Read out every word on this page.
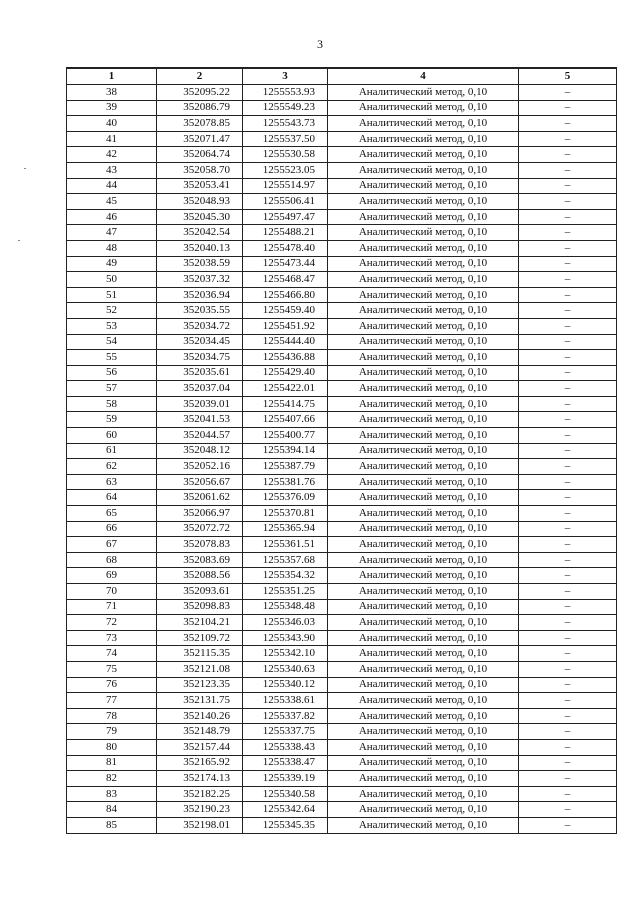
3
1	2	3	4	5
38	352095.22	1255553.93	Аналитический метод, 0,10	–
39	352086.79	1255549.23	Аналитический метод, 0,10	–
40	352078.85	1255543.73	Аналитический метод, 0,10	–
41	352071.47	1255537.50	Аналитический метод, 0,10	–
42	352064.74	1255530.58	Аналитический метод, 0,10	–
43	352058.70	1255523.05	Аналитический метод, 0,10	–
44	352053.41	1255514.97	Аналитический метод, 0,10	–
45	352048.93	1255506.41	Аналитический метод, 0,10	–
46	352045.30	1255497.47	Аналитический метод, 0,10	–
47	352042.54	1255488.21	Аналитический метод, 0,10	–
48	352040.13	1255478.40	Аналитический метод, 0,10	–
49	352038.59	1255473.44	Аналитический метод, 0,10	–
50	352037.32	1255468.47	Аналитический метод, 0,10	–
51	352036.94	1255466.80	Аналитический метод, 0,10	–
52	352035.55	1255459.40	Аналитический метод, 0,10	–
53	352034.72	1255451.92	Аналитический метод, 0,10	–
54	352034.45	1255444.40	Аналитический метод, 0,10	–
55	352034.75	1255436.88	Аналитический метод, 0,10	–
56	352035.61	1255429.40	Аналитический метод, 0,10	–
57	352037.04	1255422.01	Аналитический метод, 0,10	–
58	352039.01	1255414.75	Аналитический метод, 0,10	–
59	352041.53	1255407.66	Аналитический метод, 0,10	–
60	352044.57	1255400.77	Аналитический метод, 0,10	–
61	352048.12	1255394.14	Аналитический метод, 0,10	–
62	352052.16	1255387.79	Аналитический метод, 0,10	–
63	352056.67	1255381.76	Аналитический метод, 0,10	–
64	352061.62	1255376.09	Аналитический метод, 0,10	–
65	352066.97	1255370.81	Аналитический метод, 0,10	–
66	352072.72	1255365.94	Аналитический метод, 0,10	–
67	352078.83	1255361.51	Аналитический метод, 0,10	–
68	352083.69	1255357.68	Аналитический метод, 0,10	–
69	352088.56	1255354.32	Аналитический метод, 0,10	–
70	352093.61	1255351.25	Аналитический метод, 0,10	–
71	352098.83	1255348.48	Аналитический метод, 0,10	–
72	352104.21	1255346.03	Аналитический метод, 0,10	–
73	352109.72	1255343.90	Аналитический метод, 0,10	–
74	352115.35	1255342.10	Аналитический метод, 0,10	–
75	352121.08	1255340.63	Аналитический метод, 0,10	–
76	352123.35	1255340.12	Аналитический метод, 0,10	–
77	352131.75	1255338.61	Аналитический метод, 0,10	–
78	352140.26	1255337.82	Аналитический метод, 0,10	–
79	352148.79	1255337.75	Аналитический метод, 0,10	–
80	352157.44	1255338.43	Аналитический метод, 0,10	–
81	352165.92	1255338.47	Аналитический метод, 0,10	–
82	352174.13	1255339.19	Аналитический метод, 0,10	–
83	352182.25	1255340.58	Аналитический метод, 0,10	–
84	352190.23	1255342.64	Аналитический метод, 0,10	–
85	352198.01	1255345.35	Аналитический метод, 0,10	–
